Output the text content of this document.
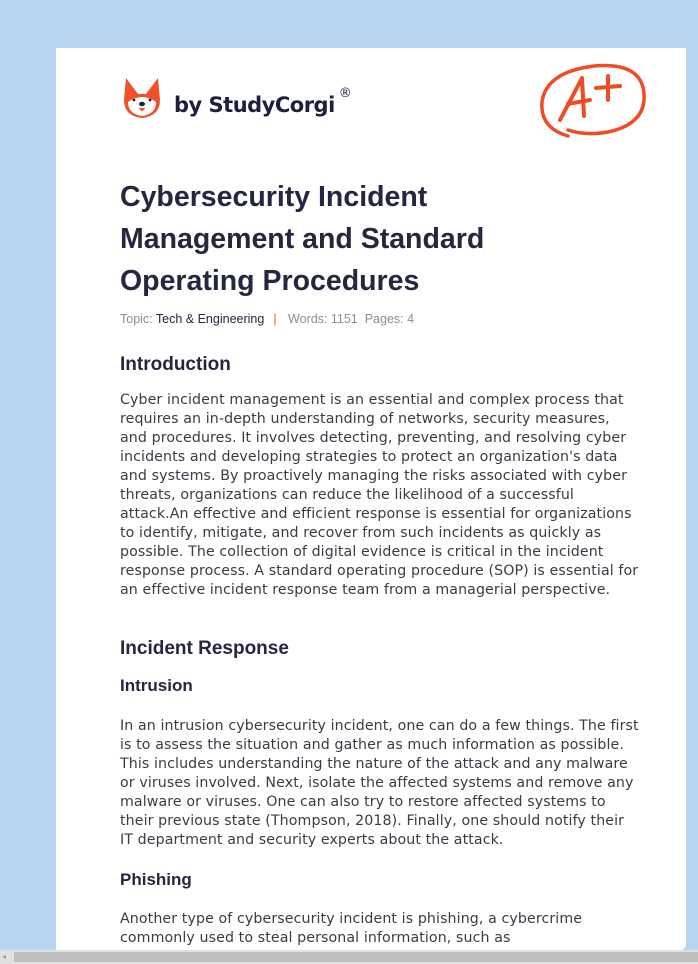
by StudyCorgi ®
Cybersecurity Incident Management and Standard Operating Procedures
Topic: Tech & Engineering | Words: 1151 Pages: 4
Introduction

Cyber incident management is an essential and complex process that requires an in-depth understanding of networks, security measures, and procedures. It involves detecting, preventing, and resolving cyber incidents and developing strategies to protect an organization's data and systems. By proactively managing the risks associated with cyber threats, organizations can reduce the likelihood of a successful attack.An effective and efficient response is essential for organizations to identify, mitigate, and recover from such incidents as quickly as possible. The collection of digital evidence is critical in the incident response process. A standard operating procedure (SOP) is essential for an effective incident response team from a managerial perspective.

Incident Response
Intrusion

In an intrusion cybersecurity incident, one can do a few things. The first is to assess the situation and gather as much information as possible. This includes understanding the nature of the attack and any malware or viruses involved. Next, isolate the affected systems and remove any malware or viruses. One can also try to restore affected systems to their previous state (Thompson, 2018). Finally, one should notify their IT department and security experts about the attack.

Phishing

Another type of cybersecurity incident is phishing, a cybercrime commonly used to steal personal information, such as

◂
